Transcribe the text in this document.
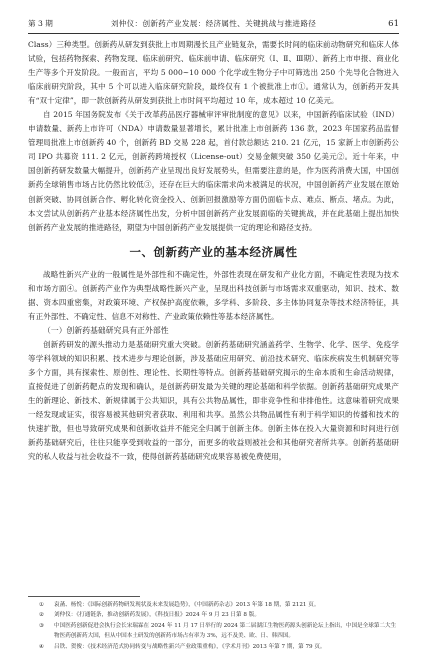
第 3 期	刘仲仪：创新药产业发展：经济属性、关键挑战与推进路径	61

Class）三种类型。创新药从研发到获批上市周期漫长且产业链复杂，需要长时间的临床前动物研究和临床人体试验，包括药物探索、药物发现、临床前研究、临床前申请、临床研究（Ⅰ、Ⅱ、Ⅲ期）、新药上市申报、商业化生产等多个开发阶段。一般而言，平均 5 000~10 000 个化学或生物分子中可筛选出 250 个先导化合物进入临床前研究阶段，其中 5 个可以进入临床研究阶段，最终仅有 1 个被批准上市①。通常认为，创新药开发具有“双十定律”，即一款创新药从研发到获批上市时间平均超过 10 年，成本超过 10 亿美元。

自 2015 年国务院发布《关于改革药品医疗器械审评审批制度的意见》以来，中国新药临床试验（IND）申请数量、新药上市许可（NDA）申请数量显著增长，累计批准上市创新药 136 款，2023 年国家药品监督管理局批准上市创新药 40 个，创新药 BD 交易 228 起，首付款总额达 210. 21 亿元，15 家新上市创新药公司 IPO 共募资 111. 2 亿元，创新药跨境授权（License-out）交易金额突破 350 亿美元②。近十年来，中国创新药研发数量大幅提升，创新药产业呈现出良好发展势头，但需要注意的是，作为医药消费大国，中国创新药全球销售市场占比仍然比较低③，还存在巨大的临床需求尚未被满足的状况，中国创新药产业发展在原始创新突破、协同创新合作、孵化转化资金投入、创新回报激励等方面仍面临卡点、难点、断点、堵点。为此，本文尝试从创新药产业基本经济属性出发，分析中国创新药产业发展面临的关键挑战，并在此基础上提出加快创新药产业发展的推进路径，期望为中国创新药产业发展提供一定的理论和路径支持。

一、创新药产业的基本经济属性

战略性新兴产业的一般属性是外部性和不确定性，外部性表现在研发和产业化方面，不确定性表现为技术和市场方面④。创新药产业作为典型战略性新兴产业，呈现出科技创新与市场需求双重驱动，知识、技术、数据、资本四重密集，对政策环境、产权保护高度依赖，多学科、多阶段、多主体协同复杂等技术经济特征，具有正外部性、不确定性、信息不对称性、产业政策依赖性等基本经济属性。

（一）创新药基础研究具有正外部性

创新药研发的源头推动力是基础研究重大突破。创新药基础研究涵盖药学、生物学、化学、医学、免疫学等学科领域的知识积累、技术进步与理论创新，涉及基础应用研究、前沿技术研究、临床疾病发生机制研究等多个方面，具有探索性、原创性、理论性、长期性等特点。创新药基础研究揭示的生命本质和生命活动规律，直接促进了创新药靶点的发现和确认，是创新药研发最为关键的理论基础和科学依据。创新药基础研究成果产生的新理论、新技术、新规律属于公共知识，具有公共物品属性，即非竞争性和非排他性。这意味着研究成果一经发现或证实，很容易被其他研究者获取、利用和共享。虽然公共物品属性有利于科学知识的传播和技术的快速扩散，但也导致研究成果和创新收益并不能完全归属于创新主体。创新主体在投入大量资源和时间进行创新药基础研究后，往往只能享受到收益的一部分，而更多的收益则被社会和其他研究者所共享。创新药基础研究的私人收益与社会收益不一致，使得创新药基础研究成果容易被免费使用，

① 袁菡、杨悦：《国际创新药物研发现状及未来发展趋势》，《中国新药杂志》2013 年第 18 期，第 2121 页。
② 刘仲仪：《打通链条，推动创新药发展》，《科技日报》2024 年 9 月 23 日第 8 版。
③ 中国医药创新促进会执行会长宋瑞霖在 2024 年 11 月 17 日举行的 2024 第二届湖江生物医药源头创新论坛上指出，中国是全球第二大生物医药创新药大国，但从中国本土研发的创新药市场占有率为 3%，远不及美、欧、日、韩四国。
④ 吕铁、贺俊：《技术经济范式协同转变与战略性新兴产业政策重构》，《学术月刊》2013 年第 7 期，第 79 页。
